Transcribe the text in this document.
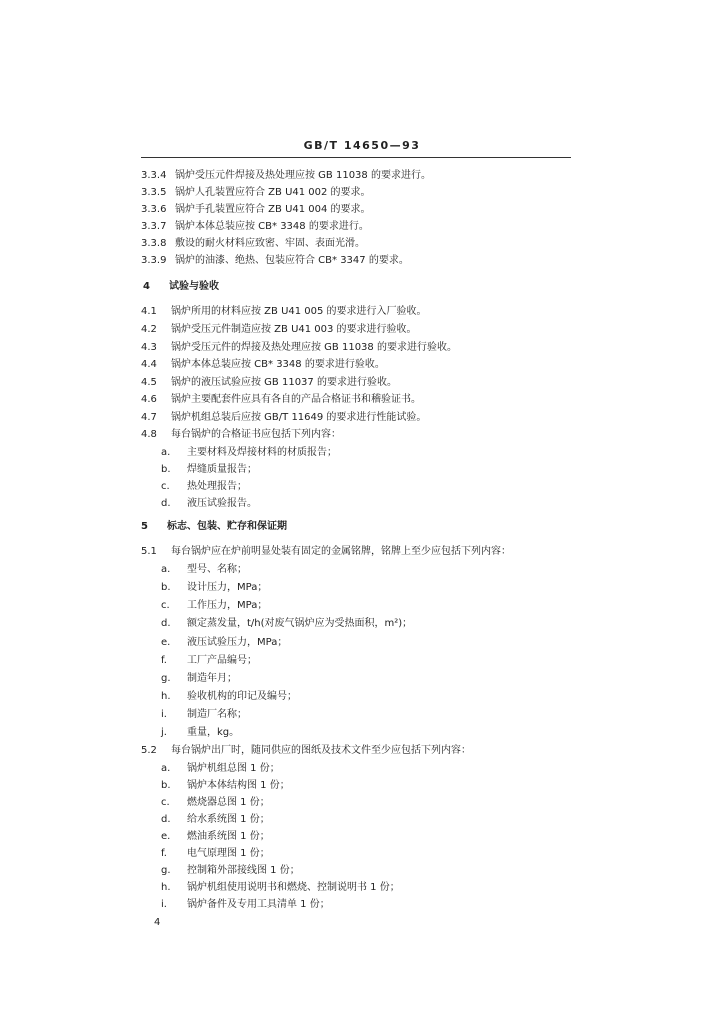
GB/T 14650—93
3.3.4 锅炉受压元件焊接及热处理应按 GB 11038 的要求进行。
3.3.5 锅炉人孔装置应符合 ZB U41 002 的要求。
3.3.6 锅炉手孔装置应符合 ZB U41 004 的要求。
3.3.7 锅炉本体总装应按 CB* 3348 的要求进行。
3.3.8 敷设的耐火材料应致密、牢固、表面光滑。
3.3.9 锅炉的油漆、绝热、包装应符合 CB* 3347 的要求。
4 试验与验收
4.1 锅炉所用的材料应按 ZB U41 005 的要求进行入厂验收。
4.2 锅炉受压元件制造应按 ZB U41 003 的要求进行验收。
4.3 锅炉受压元件的焊接及热处理应按 GB 11038 的要求进行验收。
4.4 锅炉本体总装应按 CB* 3348 的要求进行验收。
4.5 锅炉的液压试验应按 GB 11037 的要求进行验收。
4.6 锅炉主要配套件应具有各自的产品合格证书和稽验证书。
4.7 锅炉机组总装后应按 GB/T 11649 的要求进行性能试验。
4.8 每台锅炉的合格证书应包括下列内容：
a. 主要材料及焊接材料的材质报告；
b. 焊缝质量报告；
c. 热处理报告；
d. 液压试验报告。
5 标志、包装、贮存和保证期
5.1 每台锅炉应在炉前明显处装有固定的金属铭牌，铭牌上至少应包括下列内容：
a. 型号、名称；
b. 设计压力，MPa；
c. 工作压力，MPa；
d. 额定蒸发量，t/h(对废气锅炉应为受热面积，m²)；
e. 液压试验压力，MPa；
f. 工厂产品编号；
g. 制造年月；
h. 验收机构的印记及编号；
i. 制造厂名称；
j. 重量，kg。
5.2 每台锅炉出厂时，随同供应的图纸及技术文件至少应包括下列内容：
a. 锅炉机组总图 1 份；
b. 锅炉本体结构图 1 份；
c. 燃烧器总图 1 份；
d. 给水系统图 1 份；
e. 燃油系统图 1 份；
f. 电气原理图 1 份；
g. 控制箱外部接线图 1 份；
h. 锅炉机组使用说明书和燃烧、控制说明书 1 份；
i. 锅炉备件及专用工具清单 1 份；
4
